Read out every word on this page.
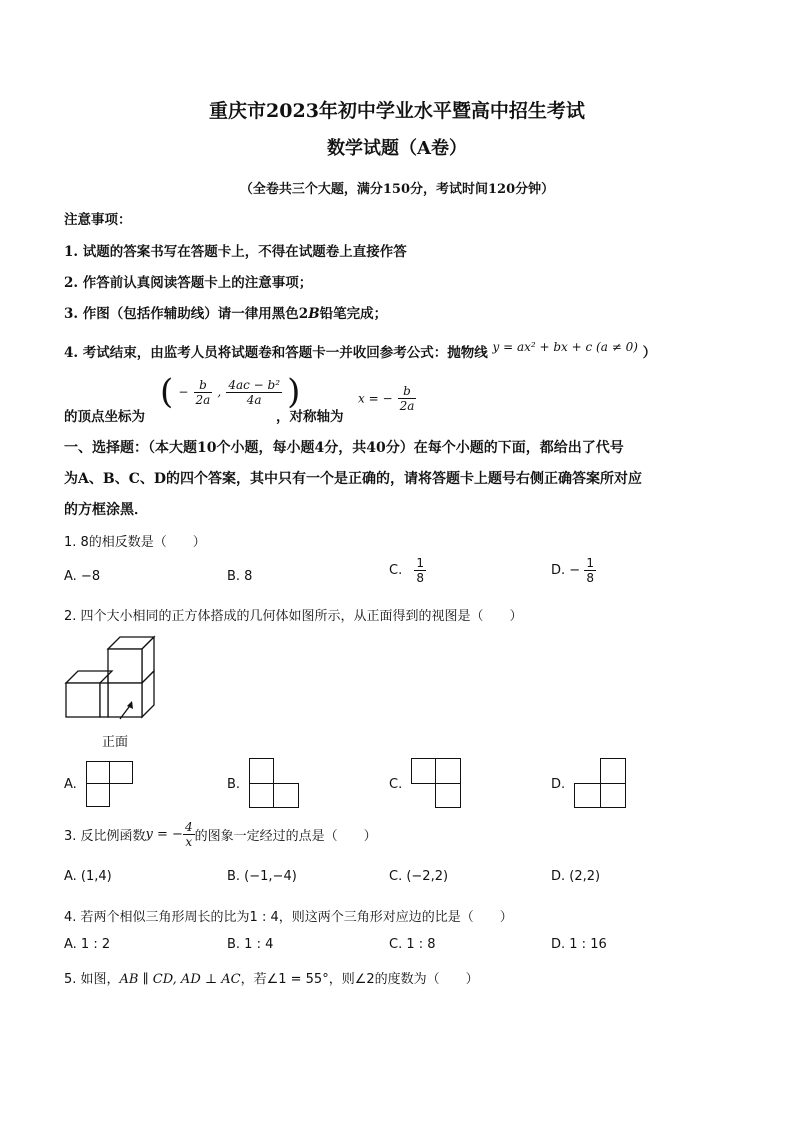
重庆市2023年初中学业水平暨高中招生考试
数学试题（A卷）
（全卷共三个大题，满分150分，考试时间120分钟）
注意事项：
1. 试题的答案书写在答题卡上，不得在试题卷上直接作答
2. 作答前认真阅读答题卡上的注意事项；
3. 作图（包括作辅助线）请一律用黑色2B铅笔完成；
4. 考试结束，由监考人员将试题卷和答题卡一并收回参考公式：抛物线 y = ax² + bx + c (a ≠ 0) ）
的顶点坐标为
( − $\frac{b}{2a}$ , $\frac{\text{4ac − b²}}{4a}$ )
，对称轴为
x = − $\frac{b}{2a}$
一、选择题：（本大题10个小题，每小题4分，共40分）在每个小题的下面，都给出了代号
为A、B、C、D的四个答案，其中只有一个是正确的，请将答题卡上题号右侧正确答案所对应
的方框涂黑．
1. 8的相反数是（　　）
A. −8	B. 8	C. $\frac{1}{8}$	D. − $\frac{1}{8}$
2. 四个大小相同的正方体搭成的几何体如图所示，从正面得到的视图是（　　）
正面
A.	B.	C.	D.
3. 反比例函数y = − $\frac{4}{x}$ 的图象一定经过的点是（　　）
A. (1,4)	B. (−1,−4)	C. (−2,2)	D. (2,2)
4. 若两个相似三角形周长的比为1 : 4，则这两个三角形对应边的比是（　　）
A. 1 : 2	B. 1 : 4	C. 1 : 8	D. 1 : 16
5. 如图，AB ∥ CD, AD ⊥ AC，若∠1 = 55°，则∠2的度数为（　　）
